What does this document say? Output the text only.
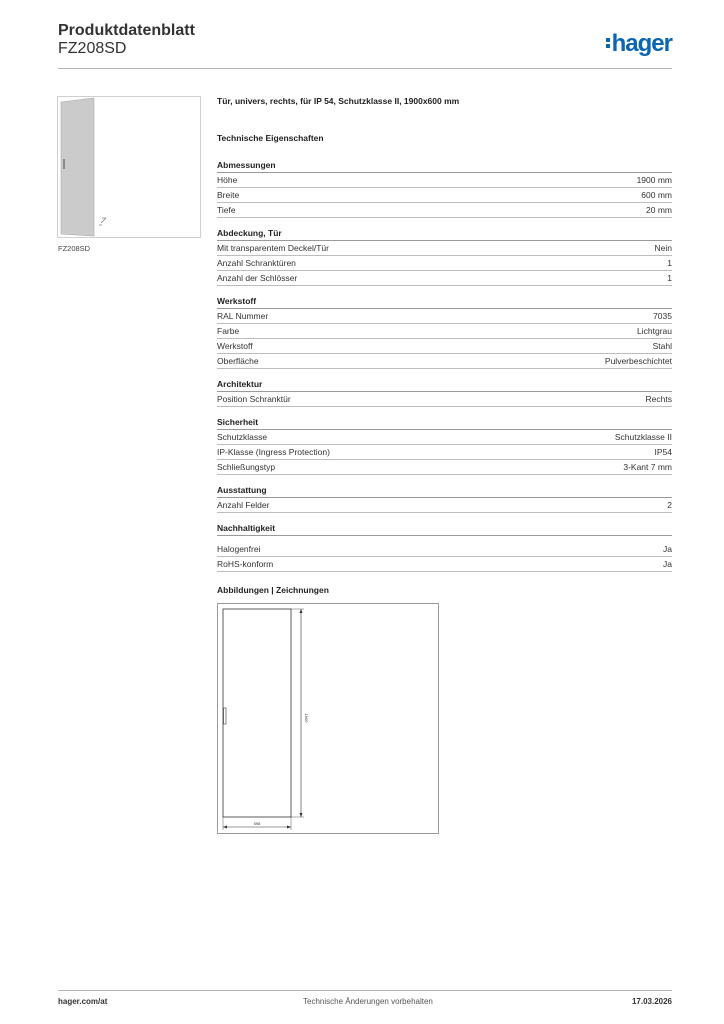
Produktdatenblatt
FZ208SD	hager
FZ208SD
Tür, univers, rechts, für IP 54, Schutzklasse II, 1900x600 mm
Technische Eigenschaften
Abmessungen
Höhe	1900 mm
Breite	600 mm
Tiefe	20 mm
Abdeckung, Tür
Mit transparentem Deckel/Tür	Nein
Anzahl Schranktüren	1
Anzahl der Schlösser	1
Werkstoff
RAL Nummer	7035
Farbe	Lichtgrau
Werkstoff	Stahl
Oberfläche	Pulverbeschichtet
Architektur
Position Schranktür	Rechts
Sicherheit
Schutzklasse	Schutzklasse II
IP-Klasse (Ingress Protection)	IP54
Schließungstyp	3-Kant 7 mm
Ausstattung
Anzahl Felder	2
Nachhaltigkeit
Halogenfrei	Ja
RoHS-konform	Ja
Abbildungen | Zeichnungen
1900
598
hager.com/at	Technische Änderungen vorbehalten	17.03.2026
